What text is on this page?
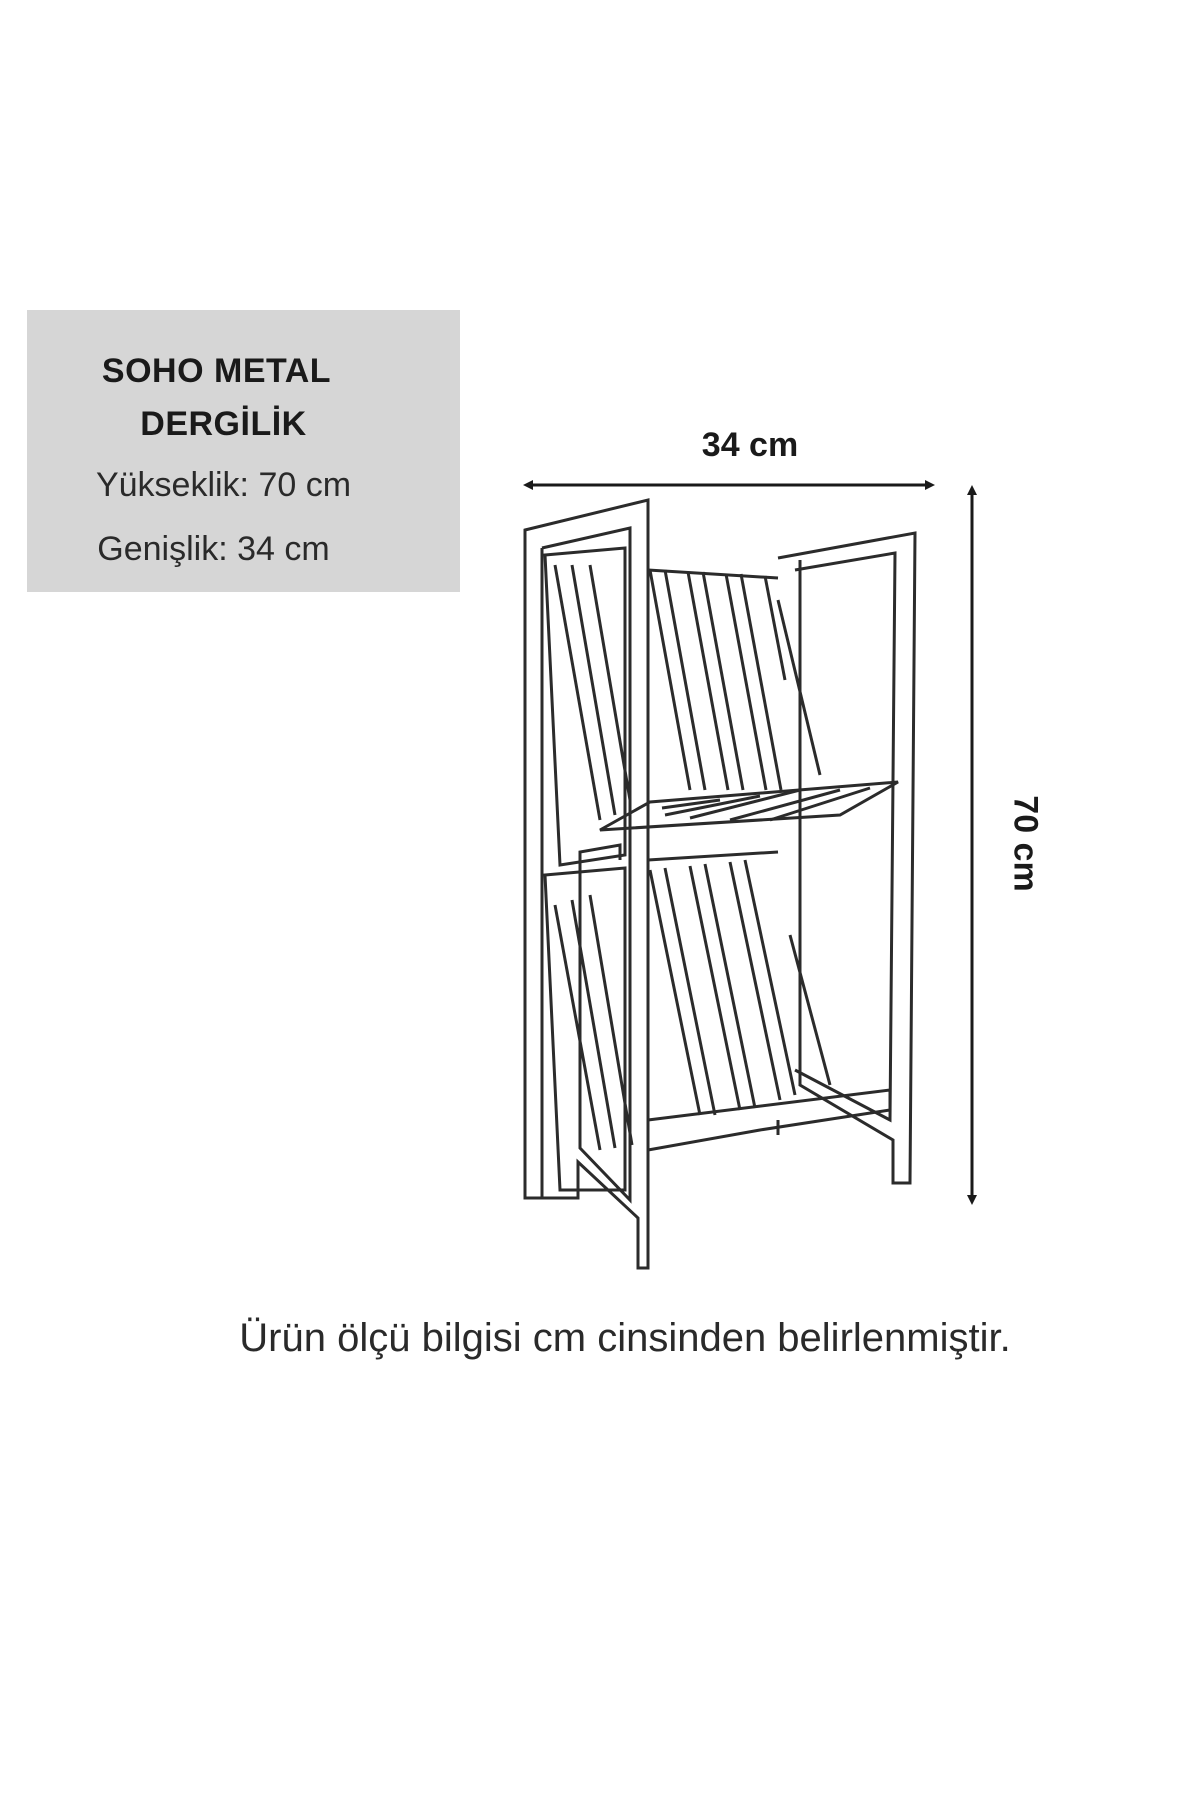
SOHO METAL
DERGİLİK
Yükseklik: 70 cm
Genişlik: 34 cm
34 cm
70 cm
Ürün ölçü bilgisi cm cinsinden belirlenmiştir.
